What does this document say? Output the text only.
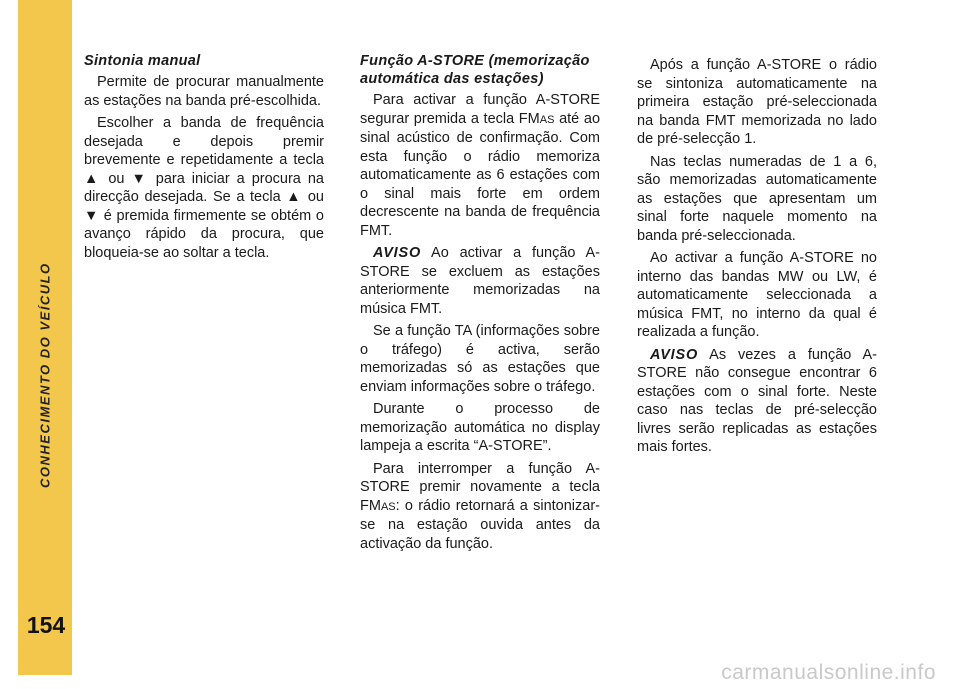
CONHECIMENTO DO VEÍCULO
154
Sintonia manual

Permite de procurar manualmente as estações na banda pré-escolhida.

Escolher a banda de frequência desejada e depois premir brevemente e repetidamente a tecla ▲ ou ▼ para iniciar a procura na direcção desejada. Se a tecla ▲ ou ▼ é premida firmemente se obtém o avanço rápido da procura, que bloqueia-se ao soltar a tecla.

Função A-STORE (memorização automática das estações)

Para activar a função A-STORE segurar premida a tecla FMAS até ao sinal acústico de confirmação. Com esta função o rádio memoriza automaticamente as 6 estações com o sinal mais forte em ordem decrescente na banda de frequência FMT.

AVISO Ao activar a função A-STORE se excluem as estações anteriormente memorizadas na música FMT.

Se a função TA (informações sobre o tráfego) é activa, serão memorizadas só as estações que enviam informações sobre o tráfego.

Durante o processo de memorização automática no display lampeja a escrita “A-STORE”.

Para interromper a função A-STORE premir novamente a tecla FMAS: o rádio retornará a sintonizar-se na estação ouvida antes da activação da função.

Após a função A-STORE o rádio se sintoniza automaticamente na primeira estação pré-seleccionada na banda FMT memorizada no lado de pré-selecção 1.

Nas teclas numeradas de 1 a 6, são memorizadas automaticamente as estações que apresentam um sinal forte naquele momento na banda pré-seleccionada.

Ao activar a função A-STORE no interno das bandas MW ou LW, é automaticamente seleccionada a música FMT, no interno da qual é realizada a função.

AVISO As vezes a função A-STORE não consegue encontrar 6 estações com o sinal forte. Neste caso nas teclas de pré-selecção livres serão replicadas as estações mais fortes.

carmanualsonline.info
